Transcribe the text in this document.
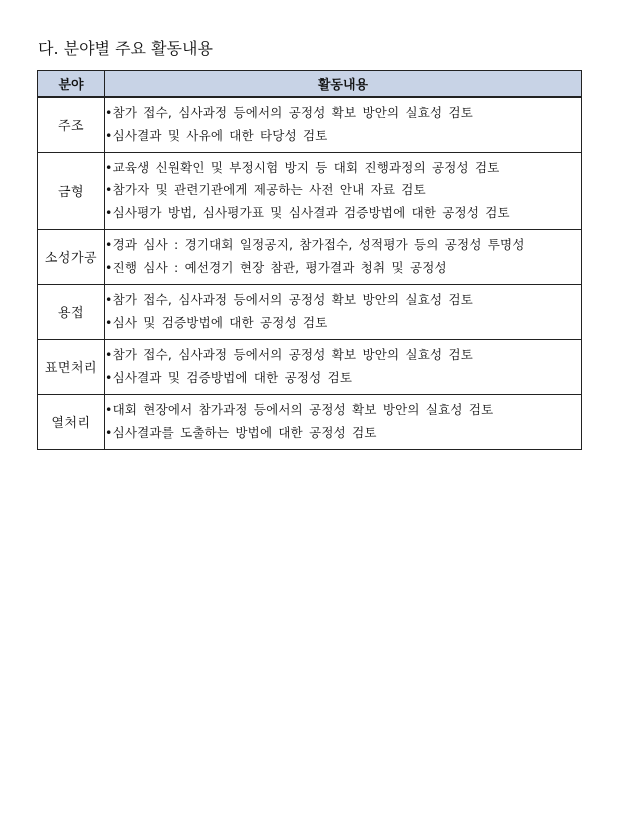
다. 분야별 주요 활동내용
분야	활동내용
주조	•참가 접수, 심사과정 등에서의 공정성 확보 방안의 실효성 검토
•심사결과 및 사유에 대한 타당성 검토

금형	•교육생 신원확인 및 부정시험 방지 등 대회 진행과정의 공정성 검토
•참가자 및 관련기관에게 제공하는 사전 안내 자료 검토
•심사평가 방법, 심사평가표 및 심사결과 검증방법에 대한 공정성 검토

소성가공	•경과 심사 : 경기대회 일정공지, 참가접수, 성적평가 등의 공정성 투명성
•진행 심사 : 예선경기 현장 참관, 평가결과 청취 및 공정성

용접	•참가 접수, 심사과정 등에서의 공정성 확보 방안의 실효성 검토
•심사 및 검증방법에 대한 공정성 검토

표면처리	•참가 접수, 심사과정 등에서의 공정성 확보 방안의 실효성 검토
•심사결과 및 검증방법에 대한 공정성 검토

열처리	•대회 현장에서 참가과정 등에서의 공정성 확보 방안의 실효성 검토
•심사결과를 도출하는 방법에 대한 공정성 검토
